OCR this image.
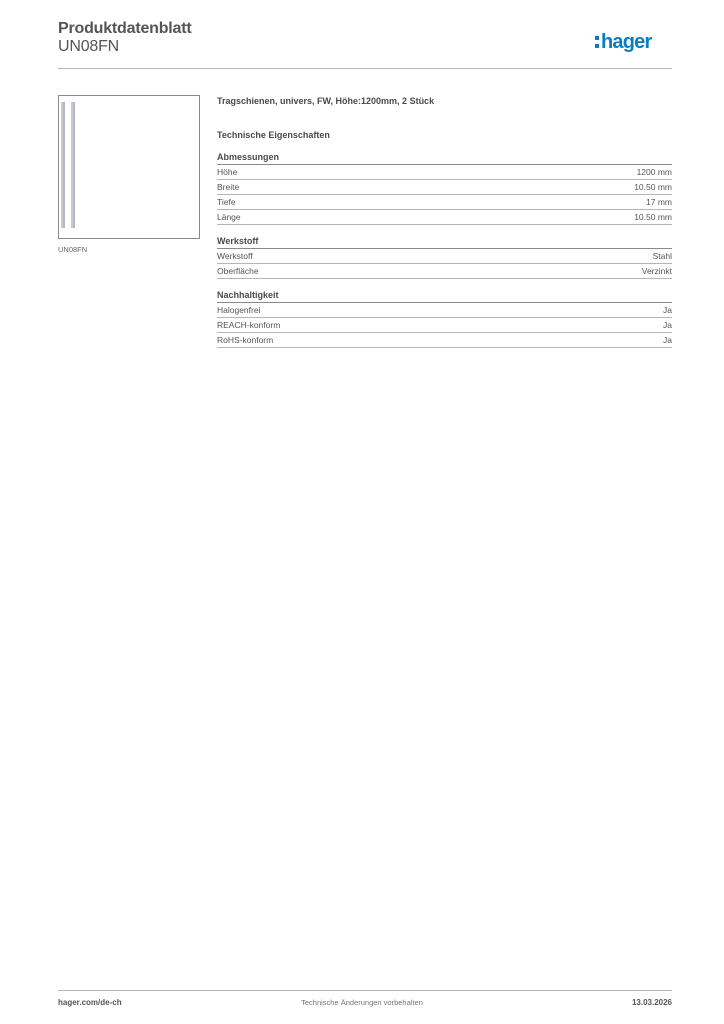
Produktdatenblatt
UN08FN	hager
UN08FN
Tragschienen, univers, FW, Höhe:1200mm, 2 Stück
Technische Eigenschaften
Abmessungen
Höhe	1200 mm
Breite	10.50 mm
Tiefe	17 mm
Länge	10.50 mm
Werkstoff
Werkstoff	Stahl
Oberfläche	Verzinkt
Nachhaltigkeit
Halogenfrei	Ja
REACH-konform	Ja
RoHS-konform	Ja
hager.com/de-ch	Technische Änderungen vorbehalten	13.03.2026
